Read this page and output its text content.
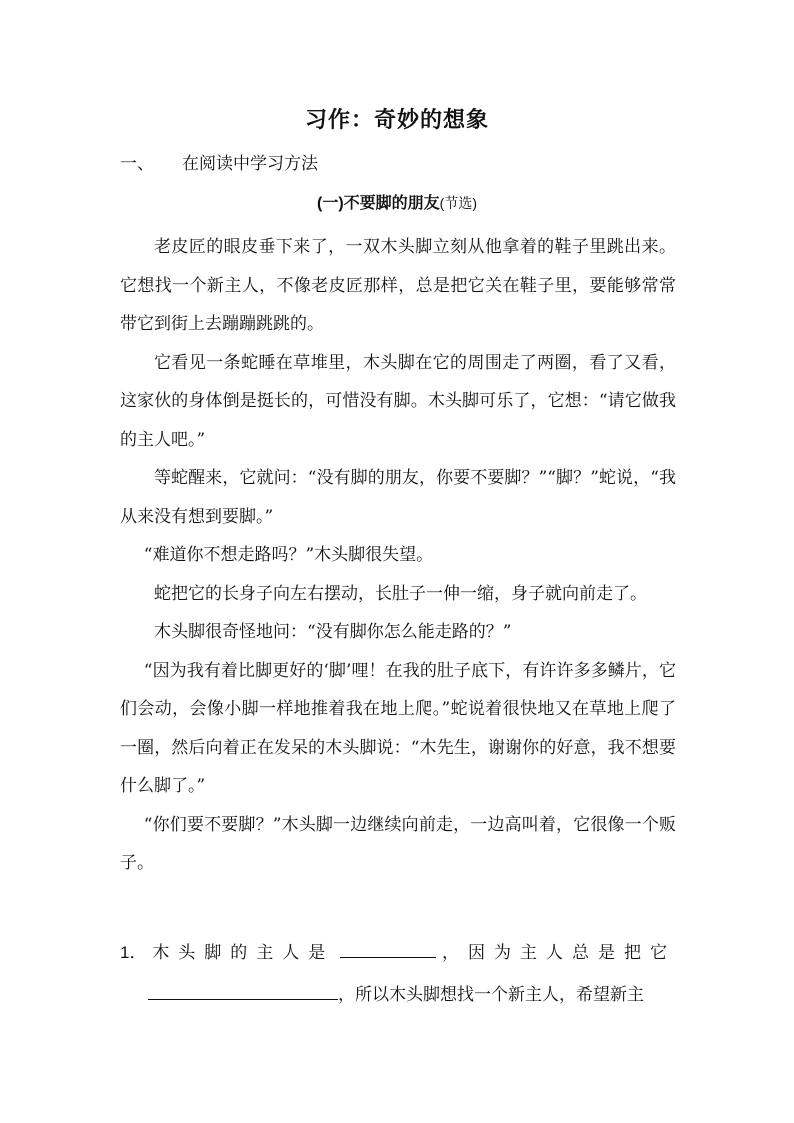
习作：奇妙的想象
一、 在阅读中学习方法
(一)不要脚的朋友(节选)

老皮匠的眼皮垂下来了，一双木头脚立刻从他拿着的鞋子里跳出来。它想找一个新主人，不像老皮匠那样，总是把它关在鞋子里，要能够常常带它到街上去蹦蹦跳跳的。

它看见一条蛇睡在草堆里，木头脚在它的周围走了两圈，看了又看，这家伙的身体倒是挺长的，可惜没有脚。木头脚可乐了，它想：“请它做我的主人吧。”

等蛇醒来，它就问：“没有脚的朋友，你要不要脚？”“脚？”蛇说，“我从来没有想到要脚。”

“难道你不想走路吗？”木头脚很失望。

蛇把它的长身子向左右摆动，长肚子一伸一缩，身子就向前走了。

木头脚很奇怪地问：“没有脚你怎么能走路的？”

“因为我有着比脚更好的‘脚’哩！在我的肚子底下，有许许多多鳞片，它们会动，会像小脚一样地推着我在地上爬。”蛇说着很快地又在草地上爬了一圈，然后向着正在发呆的木头脚说：“木先生，谢谢你的好意，我不想要什么脚了。”

“你们要不要脚？”木头脚一边继续向前走，一边高叫着，它很像一个贩子。

1． 木头脚的主人是	，因为主人总是把它
，所以木头脚想找一个新主人，希望新主
